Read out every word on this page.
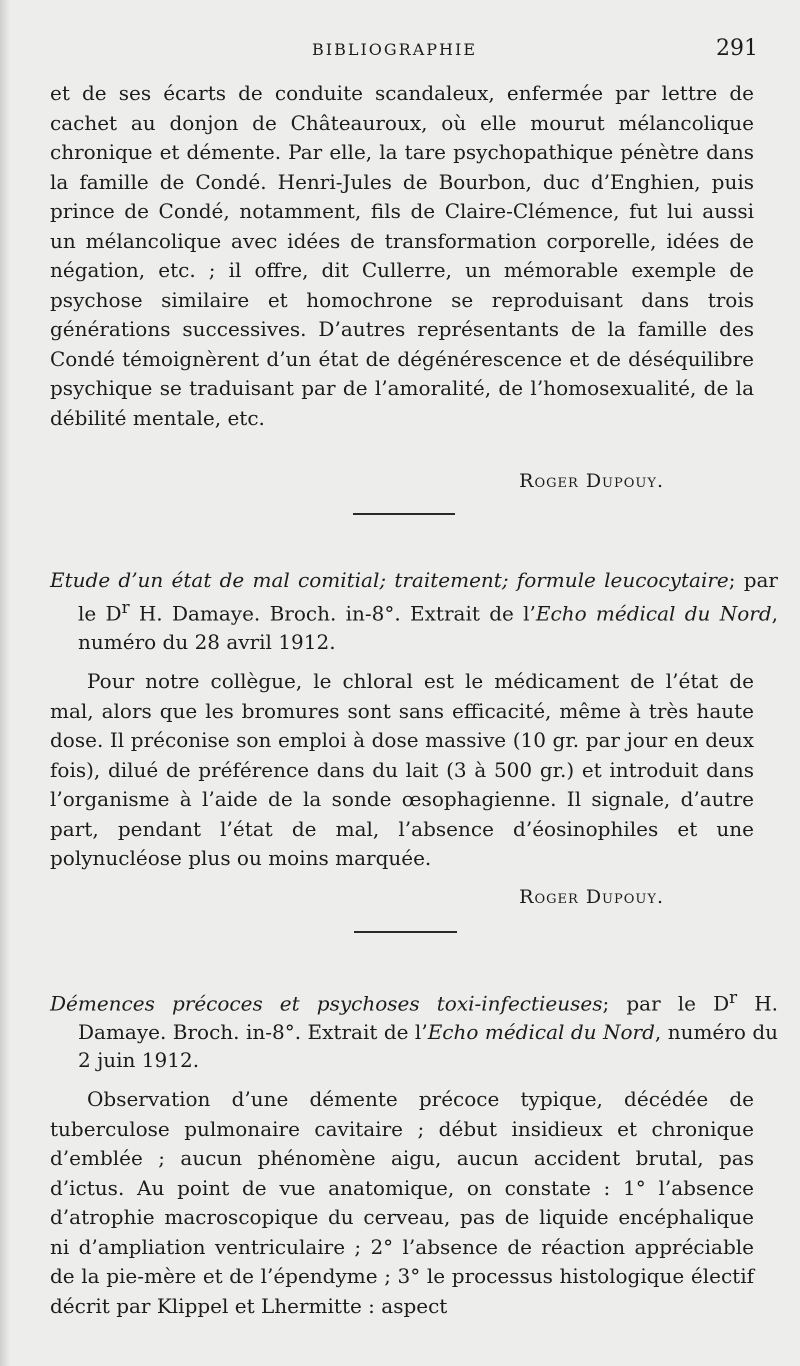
BIBLIOGRAPHIE	291

et de ses écarts de conduite scandaleux, enfermée par lettre de cachet au donjon de Châteauroux, où elle mourut mélancolique chronique et démente. Par elle, la tare psychopathique pénètre dans la famille de Condé. Henri-Jules de Bourbon, duc d’Enghien, puis prince de Condé, notamment, fils de Claire-Clémence, fut lui aussi un mélancolique avec idées de transformation corporelle, idées de négation, etc. ; il offre, dit Cullerre, un mémorable exemple de psychose similaire et homochrone se reproduisant dans trois générations successives. D’autres représentants de la famille des Condé témoignèrent d’un état de dégénérescence et de déséquilibre psychique se traduisant par de l’amoralité, de l’homosexualité, de la débilité mentale, etc.

Roger Dupouy.
Etude d’un état de mal comitial; traitement; formule leucocytaire; par le $D^r$ H. Damaye. Broch. in-8°. Extrait de l’Echo médical du Nord, numéro du 28 avril 1912.

Pour notre collègue, le chloral est le médicament de l’état de mal, alors que les bromures sont sans efficacité, même à très haute dose. Il préconise son emploi à dose massive (10 gr. par jour en deux fois), dilué de préférence dans du lait (3 à 500 gr.) et introduit dans l’organisme à l’aide de la sonde œsophagienne. Il signale, d’autre part, pendant l’état de mal, l’absence d’éosinophiles et une polynucléose plus ou moins marquée.

Roger Dupouy.
Démences précoces et psychoses toxi-infectieuses; par le $D^r$ H. Damaye. Broch. in-8°. Extrait de l’Echo médical du Nord, numéro du 2 juin 1912.

Observation d’une démente précoce typique, décédée de tuberculose pulmonaire cavitaire ; début insidieux et chronique d’emblée ; aucun phénomène aigu, aucun accident brutal, pas d’ictus. Au point de vue anatomique, on constate : 1° l’absence d’atrophie macroscopique du cerveau, pas de liquide encéphalique ni d’ampliation ventriculaire ; 2° l’absence de réaction appréciable de la pie-mère et de l’épendyme ; 3° le processus histologique électif décrit par Klippel et Lhermitte : aspect
